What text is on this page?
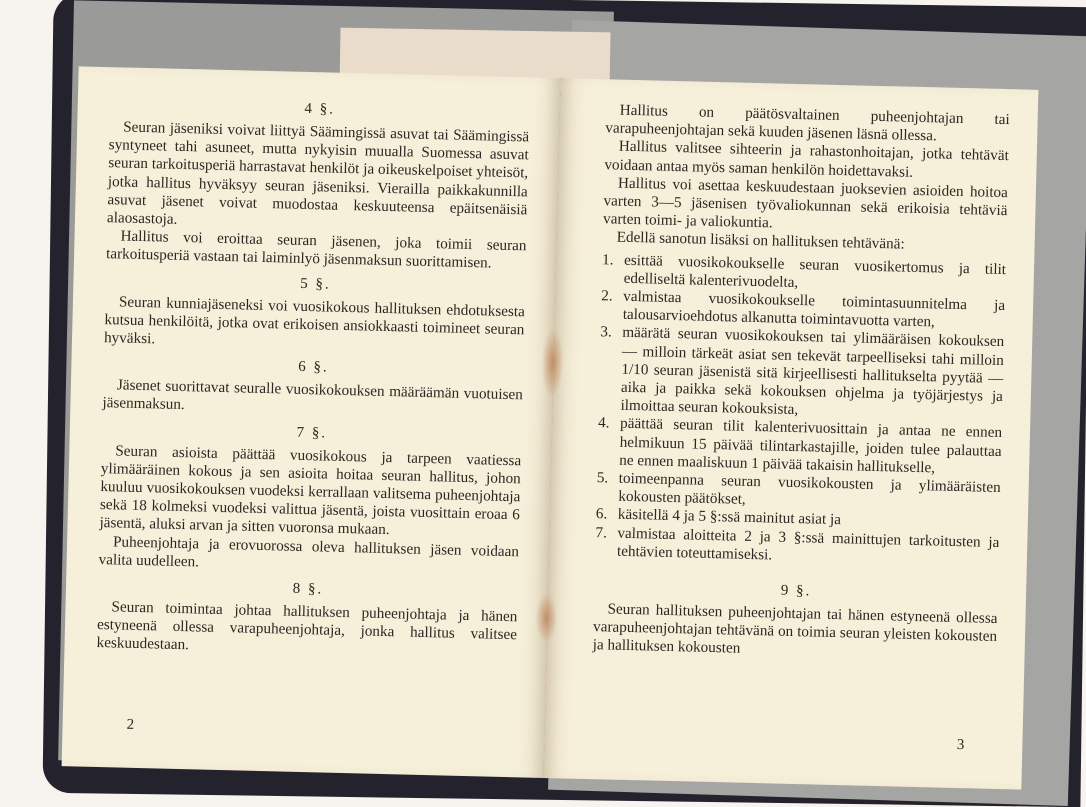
4 §.

Seuran jäseniksi voivat liittyä Säämingissä asuvat tai Säämingissä syntyneet tahi asuneet, mutta nykyisin muualla Suomessa asuvat seuran tarkoitusperiä harrastavat henkilöt ja oikeuskelpoiset yhteisöt, jotka hallitus hyväksyy seuran jäseniksi. Vierailla paikkakunnilla asuvat jäsenet voivat muodostaa keskuuteensa epäitsenäisiä alaosastoja.

Hallitus voi eroittaa seuran jäsenen, joka toimii seuran tarkoitusperiä vastaan tai laiminlyö jäsenmaksun suorittamisen.

5 §.

Seuran kunniajäseneksi voi vuosikokous hallituksen ehdotuksesta kutsua henkilöitä, jotka ovat erikoisen ansiokkaasti toimineet seuran hyväksi.

6 §.

Jäsenet suorittavat seuralle vuosikokouksen määräämän vuotuisen jäsenmaksun.

7 §.

Seuran asioista päättää vuosikokous ja tarpeen vaatiessa ylimääräinen kokous ja sen asioita hoitaa seuran hallitus, johon kuuluu vuosikokouksen vuodeksi kerrallaan valitsema puheenjohtaja sekä 18 kolmeksi vuodeksi valittua jäsentä, joista vuosittain eroaa 6 jäsentä, aluksi arvan ja sitten vuoronsa mukaan.

Puheenjohtaja ja erovuorossa oleva hallituksen jäsen voidaan valita uudelleen.

8 §.

Seuran toimintaa johtaa hallituksen puheenjohtaja ja hänen estyneenä ollessa varapuheenjohtaja, jonka hallitus valitsee keskuudestaan.

2

Hallitus on päätösvaltainen puheenjohtajan tai varapuheenjohtajan sekä kuuden jäsenen läsnä ollessa.

Hallitus valitsee sihteerin ja rahastonhoitajan, jotka tehtävät voidaan antaa myös saman henkilön hoidettavaksi.

Hallitus voi asettaa keskuudestaan juoksevien asioiden hoitoa varten 3—5 jäsenisen työvaliokunnan sekä erikoisia tehtäviä varten toimi- ja valiokuntia.

Edellä sanotun lisäksi on hallituksen tehtävänä:

1. esittää vuosikokoukselle seuran vuosikertomus ja tilit edelliseltä kalenterivuodelta,
2. valmistaa vuosikokoukselle toimintasuunnitelma ja talousarvioehdotus alkanutta toimintavuotta varten,
3. määrätä seuran vuosikokouksen tai ylimääräisen kokouksen — milloin tärkeät asiat sen tekevät tarpeelliseksi tahi milloin 1/10 seuran jäsenistä sitä kirjeellisesti hallitukselta pyytää — aika ja paikka sekä kokouksen ohjelma ja työjärjestys ja ilmoittaa seuran kokouksista,
4. päättää seuran tilit kalenterivuosittain ja antaa ne ennen helmikuun 15 päivää tilintarkastajille, joiden tulee palauttaa ne ennen maaliskuun 1 päivää takaisin hallitukselle,
5. toimeenpanna seuran vuosikokousten ja ylimääräisten kokousten päätökset,
6. käsitellä 4 ja 5 §:ssä mainitut asiat ja
7. valmistaa aloitteita 2 ja 3 §:ssä mainittujen tarkoitusten ja tehtävien toteuttamiseksi.
9 §.

Seuran hallituksen puheenjohtajan tai hänen estyneenä ollessa varapuheenjohtajan tehtävänä on toimia seuran yleisten kokousten ja hallituksen kokousten

3
